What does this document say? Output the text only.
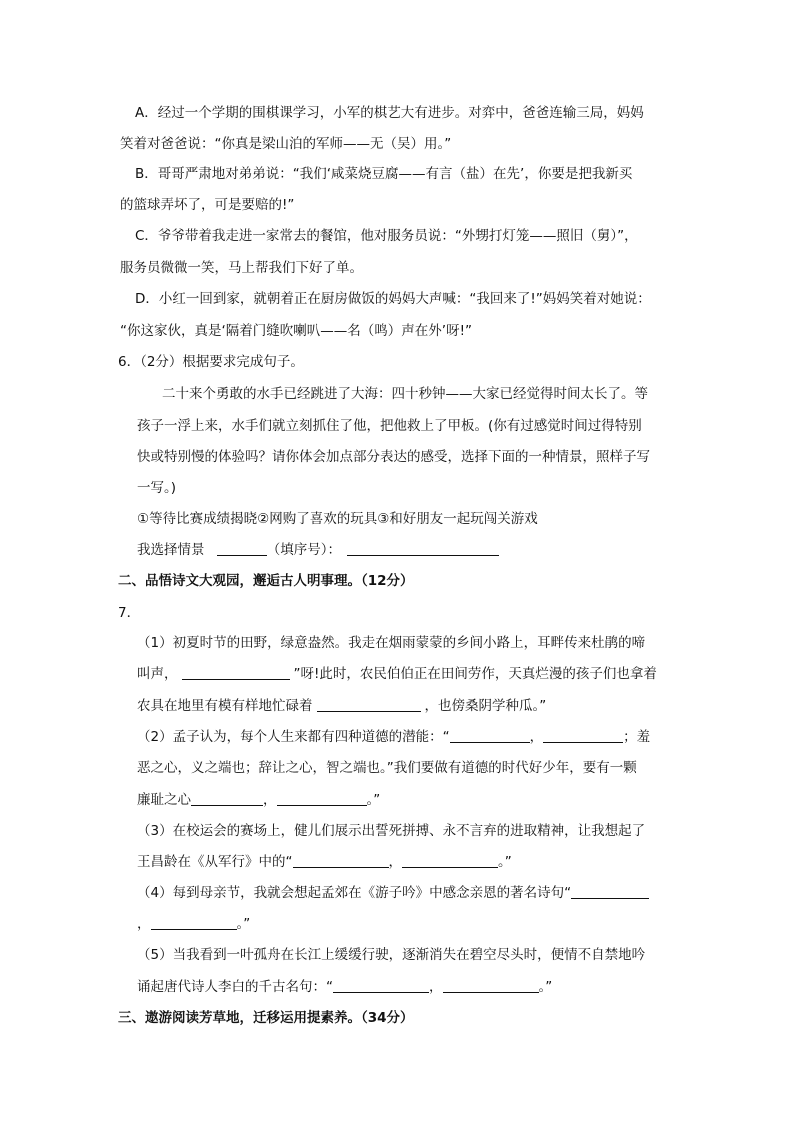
A．经过一个学期的围棋课学习，小军的棋艺大有进步。对弈中，爸爸连输三局，妈妈
笑着对爸爸说：“你真是梁山泊的军师——无（吴）用。”
B．哥哥严肃地对弟弟说：“我们‘咸菜烧豆腐——有言（盐）在先’，你要是把我新买
的篮球弄坏了，可是要赔的!”
C．爷爷带着我走进一家常去的餐馆，他对服务员说：“外甥打灯笼——照旧（舅）”，
服务员微微一笑，马上帮我们下好了单。
D．小红一回到家，就朝着正在厨房做饭的妈妈大声喊：“我回来了!”妈妈笑着对她说：
“你这家伙，真是‘隔着门缝吹喇叭——名（鸣）声在外’呀!”
6．（2分）根据要求完成句子。
二十来个勇敢的水手已经跳进了大海：四十秒钟——大家已经觉得时间太长了。等
孩子一浮上来，水手们就立刻抓住了他，把他救上了甲板。(你有过感觉时间过得特别
快或特别慢的体验吗？请你体会加点部分表达的感受，选择下面的一种情景，照样子写
一写。)
①等待比赛成绩揭晓②网购了喜欢的玩具③和好朋友一起玩闯关游戏
我选择情景	（填序号）：
二、品悟诗文大观园，邂逅古人明事理。（12分）
7．
（1）初夏时节的田野，绿意盎然。我走在烟雨蒙蒙的乡间小路上，耳畔传来杜鹃的啼
叫声，	”呀!此时，农民伯伯正在田间劳作，天真烂漫的孩子们也拿着
农具在地里有模有样地忙碌着	，也傍桑阴学种瓜。”
（2）孟子认为，每个人生来都有四种道德的潜能：“	，	；羞
恶之心，义之端也；辞让之心，智之端也。”我们要做有道德的时代好少年，要有一颗
廉耻之心	，	。”
（3）在校运会的赛场上，健儿们展示出誓死拼搏、永不言弃的进取精神，让我想起了
王昌龄在《从军行》中的“	，	。”
（4）每到母亲节，我就会想起孟郊在《游子吟》中感念亲恩的著名诗句“
，	。”
（5）当我看到一叶孤舟在长江上缓缓行驶，逐渐消失在碧空尽头时，便情不自禁地吟
诵起唐代诗人李白的千古名句：“	，	。”
三、遨游阅读芳草地，迁移运用提素养。（34分）
